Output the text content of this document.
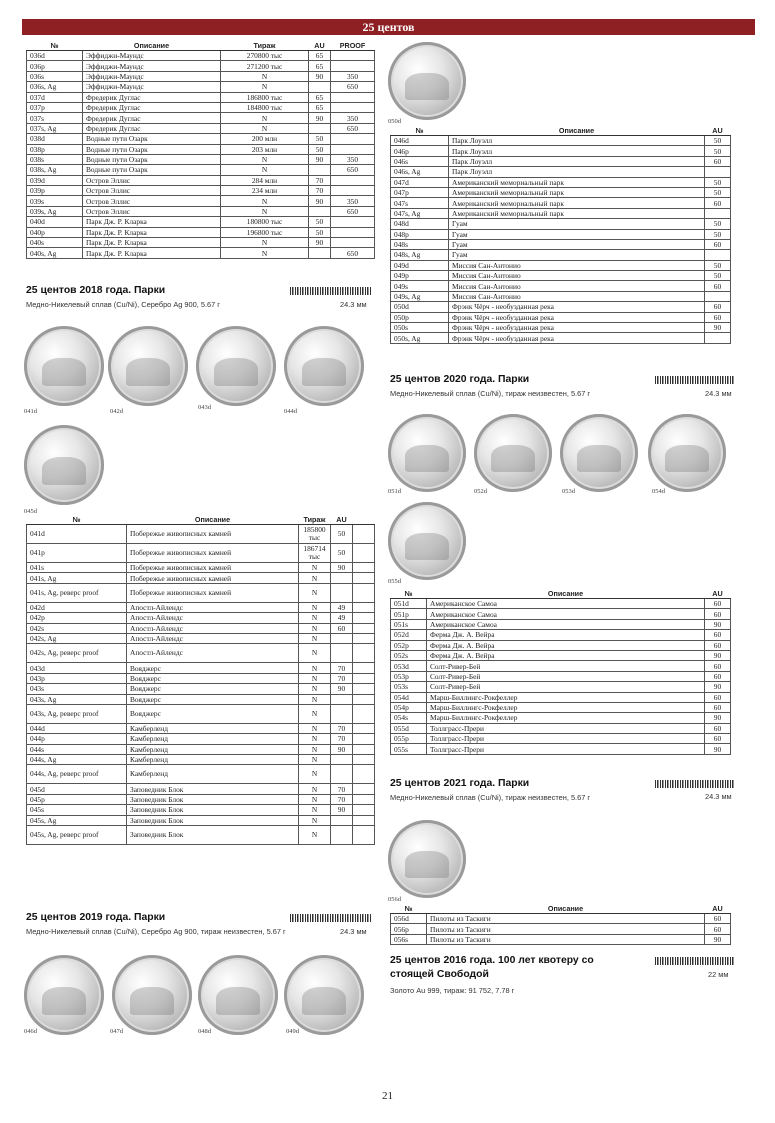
25 центов
№	Описание	Тираж	AU	PROOF
036d	Эффиджи-Маундс	270800 тыс	65	
036p	Эффиджи-Маундс	271200 тыс	65	
036s	Эффиджи-Маундс	N	90	350
036s, Ag	Эффиджи-Маундс	N		650
037d	Фредерик Дуглас	186800 тыс	65	
037p	Фредерик Дуглас	184800 тыс	65	
037s	Фредерик Дуглас	N	90	350
037s, Ag	Фредерик Дуглас	N		650
038d	Водные пути Озарк	200 млн	50	
038p	Водные пути Озарк	203 млн	50	
038s	Водные пути Озарк	N	90	350
038s, Ag	Водные пути Озарк	N		650
039d	Остров Эллис	284 млн	70	
039p	Остров Эллис	234 млн	70	
039s	Остров Эллис	N	90	350
039s, Ag	Остров Эллис	N		650
040d	Парк Дж. Р. Кларка	180800 тыс	50	
040p	Парк Дж. Р. Кларка	196800 тыс	50	
040s	Парк Дж. Р. Кларка	N	90	
040s, Ag	Парк Дж. Р. Кларка	N		650
25 центов 2018 года. Парки
24.3 мм
Медно-Никелевый сплав (Cu/Ni), Серебро Ag 900, 5.67 г
041d	042d
043d
044d
045d
№	Описание	Тираж	AU	
041d	Побережье живописных камней	185800 тыс	50	
041p	Побережье живописных камней	186714 тыс	50	
041s	Побережье живописных камней	N	90	
041s, Ag	Побережье живописных камней	N		
041s, Ag, реверс proof	Побережье живописных камней	N		
042d	Апостл-Айлендс	N	49	
042p	Апостл-Айлендс	N	49	
042s	Апостл-Айлендс	N	60	
042s, Ag	Апостл-Айлендс	N		
042s, Ag, реверс proof	Апостл-Айлендс	N		
043d	Вояджерс	N	70	
043p	Вояджерс	N	70	
043s	Вояджерс	N	90	
043s, Ag	Вояджерс	N		
043s, Ag, реверс proof	Вояджерс	N		
044d	Камберленд	N	70	
044p	Камберленд	N	70	
044s	Камберленд	N	90	
044s, Ag	Камберленд	N		
044s, Ag, реверс proof	Камберленд	N		
045d	Заповедник Блок	N	70	
045p	Заповедник Блок	N	70	
045s	Заповедник Блок	N	90	
045s, Ag	Заповедник Блок	N		
045s, Ag, реверс proof	Заповедник Блок	N		
25 центов 2019 года. Парки
24.3 мм
Медно-Никелевый сплав (Cu/Ni), Серебро Ag 900, тираж неизвестен, 5.67 г
046d	047d	048d	049d
050d
№	Описание	AU
046d	Парк Лоуэлл	50
046p	Парк Лоуэлл	50
046s	Парк Лоуэлл	60
046s, Ag	Парк Лоуэлл	
047d	Американский мемориальный парк	50
047p	Американский мемориальный парк	50
047s	Американский мемориальный парк	60
047s, Ag	Американский мемориальный парк	
048d	Гуам	50
048p	Гуам	50
048s	Гуам	60
048s, Ag	Гуам	
049d	Миссия Сан-Антонио	50
049p	Миссия Сан-Антонио	50
049s	Миссия Сан-Антонио	60
049s, Ag	Миссия Сан-Антонио	
050d	Фрэнк Чёрч - необузданная река	60
050p	Фрэнк Чёрч - необузданная река	60
050s	Фрэнк Чёрч - необузданная река	90
050s, Ag	Фрэнк Чёрч - необузданная река	
25 центов 2020 года. Парки
24.3 мм
Медно-Никелевый сплав (Cu/Ni), тираж неизвестен, 5.67 г
051d	052d	053d	054d
055d
№	Описание	AU
051d	Американское Самоа	60
051p	Американское Самоа	60
051s	Американское Самоа	90
052d	Ферма Дж. А. Вейра	60
052p	Ферма Дж. А. Вейра	60
052s	Ферма Дж. А. Вейра	90
053d	Солт-Ривер-Бей	60
053p	Солт-Ривер-Бей	60
053s	Солт-Ривер-Бей	90
054d	Марш-Биллингс-Рокфеллер	60
054p	Марш-Биллингс-Рокфеллер	60
054s	Марш-Биллингс-Рокфеллер	90
055d	Толлграсс-Прери	60
055p	Толлграсс-Прери	60
055s	Толлграсс-Прери	90
25 центов 2021 года. Парки
24.3 мм
Медно-Никелевый сплав (Cu/Ni), тираж неизвестен, 5.67 г
056d
№	Описание	AU
056d	Пилоты из Таскиги	60
056p	Пилоты из Таскиги	60
056s	Пилоты из Таскиги	90
25 центов 2016 года. 100 лет квотеру со
стоящей Свободой	22 мм
Золото Au 999, тираж: 91 752, 7.78 г
21
